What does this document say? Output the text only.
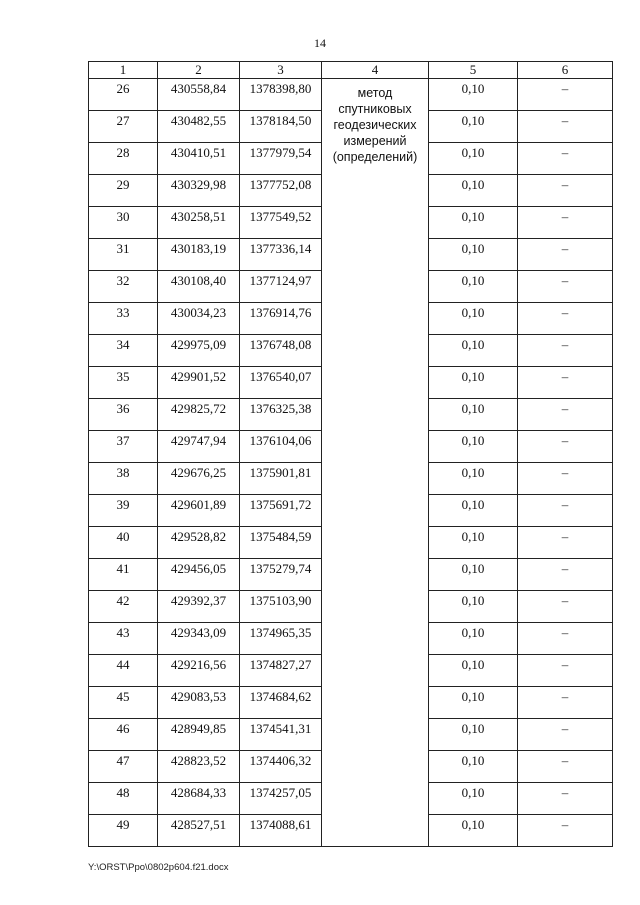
14
1	2	3	4	5	6
26	430558,84	1378398,80	метод спутниковых геодезических измерений (определений)	0,10	–
27	430482,55	1378184,50		0,10	–
28	430410,51	1377979,54		0,10	–
29	430329,98	1377752,08		0,10	–
30	430258,51	1377549,52		0,10	–
31	430183,19	1377336,14		0,10	–
32	430108,40	1377124,97		0,10	–
33	430034,23	1376914,76		0,10	–
34	429975,09	1376748,08		0,10	–
35	429901,52	1376540,07		0,10	–
36	429825,72	1376325,38		0,10	–
37	429747,94	1376104,06		0,10	–
38	429676,25	1375901,81		0,10	–
39	429601,89	1375691,72		0,10	–
40	429528,82	1375484,59		0,10	–
41	429456,05	1375279,74		0,10	–
42	429392,37	1375103,90		0,10	–
43	429343,09	1374965,35		0,10	–
44	429216,56	1374827,27		0,10	–
45	429083,53	1374684,62		0,10	–
46	428949,85	1374541,31		0,10	–
47	428823,52	1374406,32		0,10	–
48	428684,33	1374257,05		0,10	–
49	428527,51	1374088,61		0,10	–
Y:\ORST\Ppo\0802p604.f21.docx
